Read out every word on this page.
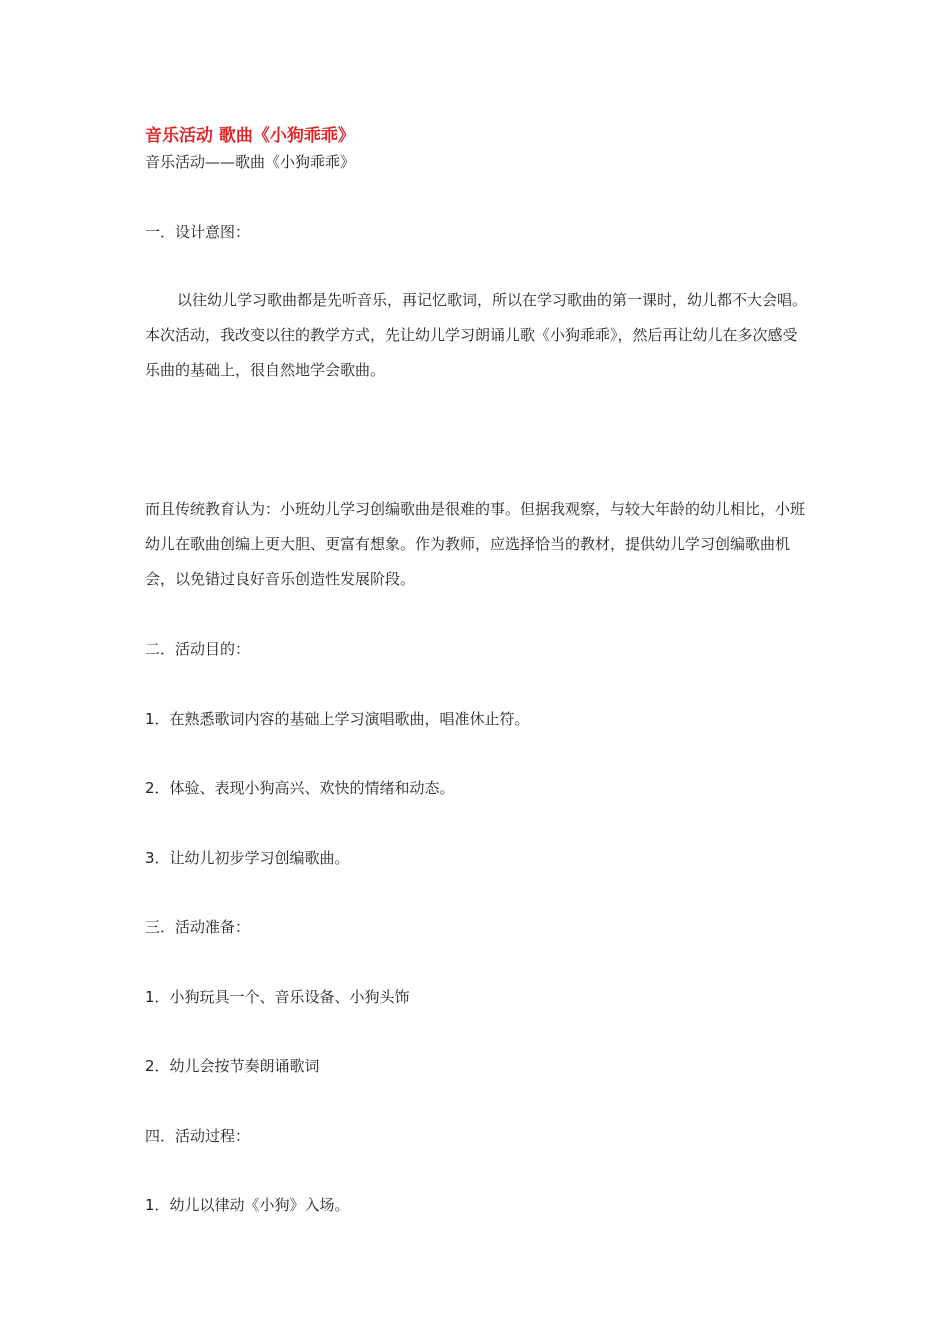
音乐活动 歌曲《小狗乖乖》
音乐活动——歌曲《小狗乖乖》
一．设计意图：
以往幼儿学习歌曲都是先听音乐，再记忆歌词，所以在学习歌曲的第一课时，幼儿都不大会唱。本次活动，我改变以往的教学方式，先让幼儿学习朗诵儿歌《小狗乖乖》，然后再让幼儿在多次感受乐曲的基础上，很自然地学会歌曲。
而且传统教育认为：小班幼儿学习创编歌曲是很难的事。但据我观察，与较大年龄的幼儿相比，小班幼儿在歌曲创编上更大胆、更富有想象。作为教师，应选择恰当的教材，提供幼儿学习创编歌曲机会，以免错过良好音乐创造性发展阶段。
二．活动目的：
1．在熟悉歌词内容的基础上学习演唱歌曲，唱准休止符。
2．体验、表现小狗高兴、欢快的情绪和动态。
3．让幼儿初步学习创编歌曲。
三．活动准备：
1．小狗玩具一个、音乐设备、小狗头饰
2．幼儿会按节奏朗诵歌词
四．活动过程：
1．幼儿以律动《小狗》入场。
